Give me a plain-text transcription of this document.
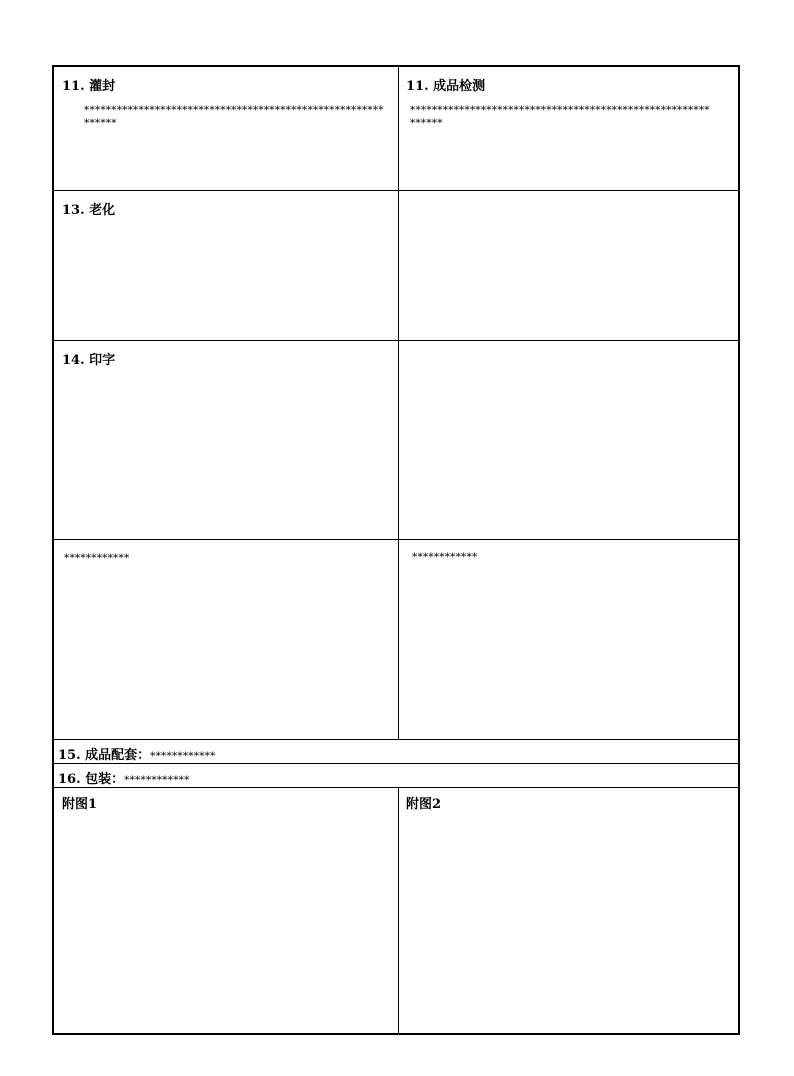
11. 灌封
*************************************************************
11. 成品检测
*************************************************************
13. 老化
14. 印字
************	************
15. 成品配套：************
16. 包装：************
附图1	附图2
